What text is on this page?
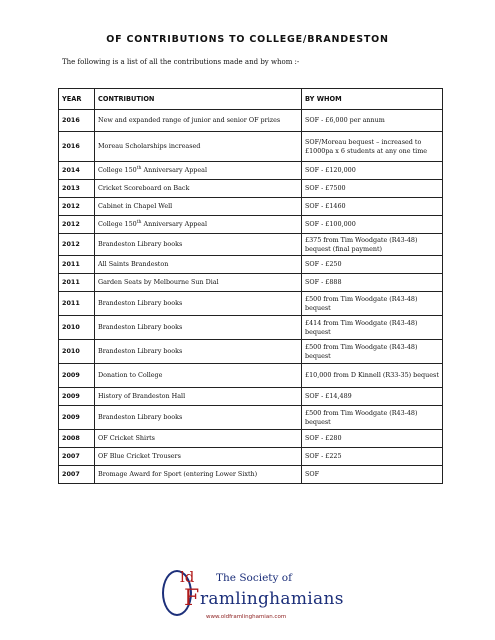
OF CONTRIBUTIONS TO COLLEGE/BRANDESTON
The following is a list of all the contributions made and by whom :-
YEAR	CONTRIBUTION	BY WHOM
2016	New and expanded range of junior and senior OF prizes	SOF - £6,000 per annum
2016	Moreau Scholarships increased	SOF/Moreau bequest – increased to £1000pa x 6 students at any one time
2014	College 150th Anniversary Appeal	SOF - £120,000
2013	Cricket Scoreboard on Back	SOF - £7500
2012	Cabinet in Chapel Well	SOF - £1460
2012	College 150th Anniversary Appeal	SOF - £100,000
2012	Brandeston Library books	£375 from Tim Woodgate (R43-48) bequest (final payment)
2011	All Saints Brandeston	SOF - £250
2011	Garden Seats by Melbourne Sun Dial	SOF - £888
2011	Brandeston Library books	£500 from Tim Woodgate (R43-48) bequest
2010	Brandeston Library books	£414 from Tim Woodgate (R43-48) bequest
2010	Brandeston Library books	£500 from Tim Woodgate (R43-48) bequest
2009	Donation to College	£10,000 from D Kinnell (R33-35) bequest
2009	History of Brandeston Hall	SOF - £14,489
2009	Brandeston Library books	£500 from Tim Woodgate (R43-48) bequest
2008	OF Cricket Shirts	SOF - £280
2007	OF Blue Cricket Trousers	SOF - £225
2007	Bromage Award for Sport (entering Lower Sixth)	SOF
ld The Society of
F ramlinghamians
www.oldframlinghamian.com
